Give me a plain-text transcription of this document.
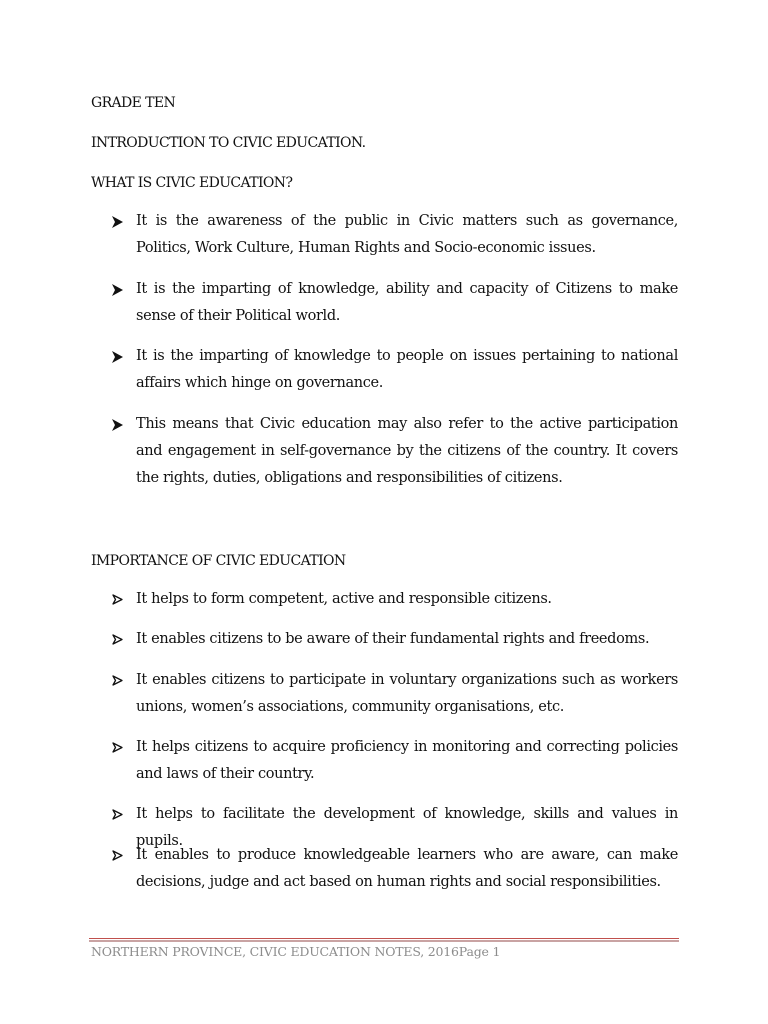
GRADE TEN
INTRODUCTION TO CIVIC EDUCATION.
WHAT IS CIVIC EDUCATION?
It is the awareness of the public in Civic matters such as governance, Politics, Work Culture, Human Rights and Socio-economic issues.
It is the imparting of knowledge, ability and capacity of Citizens to make sense of their Political world.
It is the imparting of knowledge to people on issues pertaining to national affairs which hinge on governance.
This means that Civic education may also refer to the active participation and engagement in self-governance by the citizens of the country. It covers the rights, duties, obligations and responsibilities of citizens.
IMPORTANCE OF CIVIC EDUCATION
It helps to form competent, active and responsible citizens.
It enables citizens to be aware of their fundamental rights and freedoms.
It enables citizens to participate in voluntary organizations such as workers unions, women’s associations, community organisations, etc.
It helps citizens to acquire proficiency in monitoring and correcting policies and laws of their country.
It helps to facilitate the development of knowledge, skills and values in pupils.
It enables to produce knowledgeable learners who are aware, can make decisions, judge and act based on human rights and social responsibilities.
NORTHERN PROVINCE, CIVIC EDUCATION NOTES, 2016Page 1
